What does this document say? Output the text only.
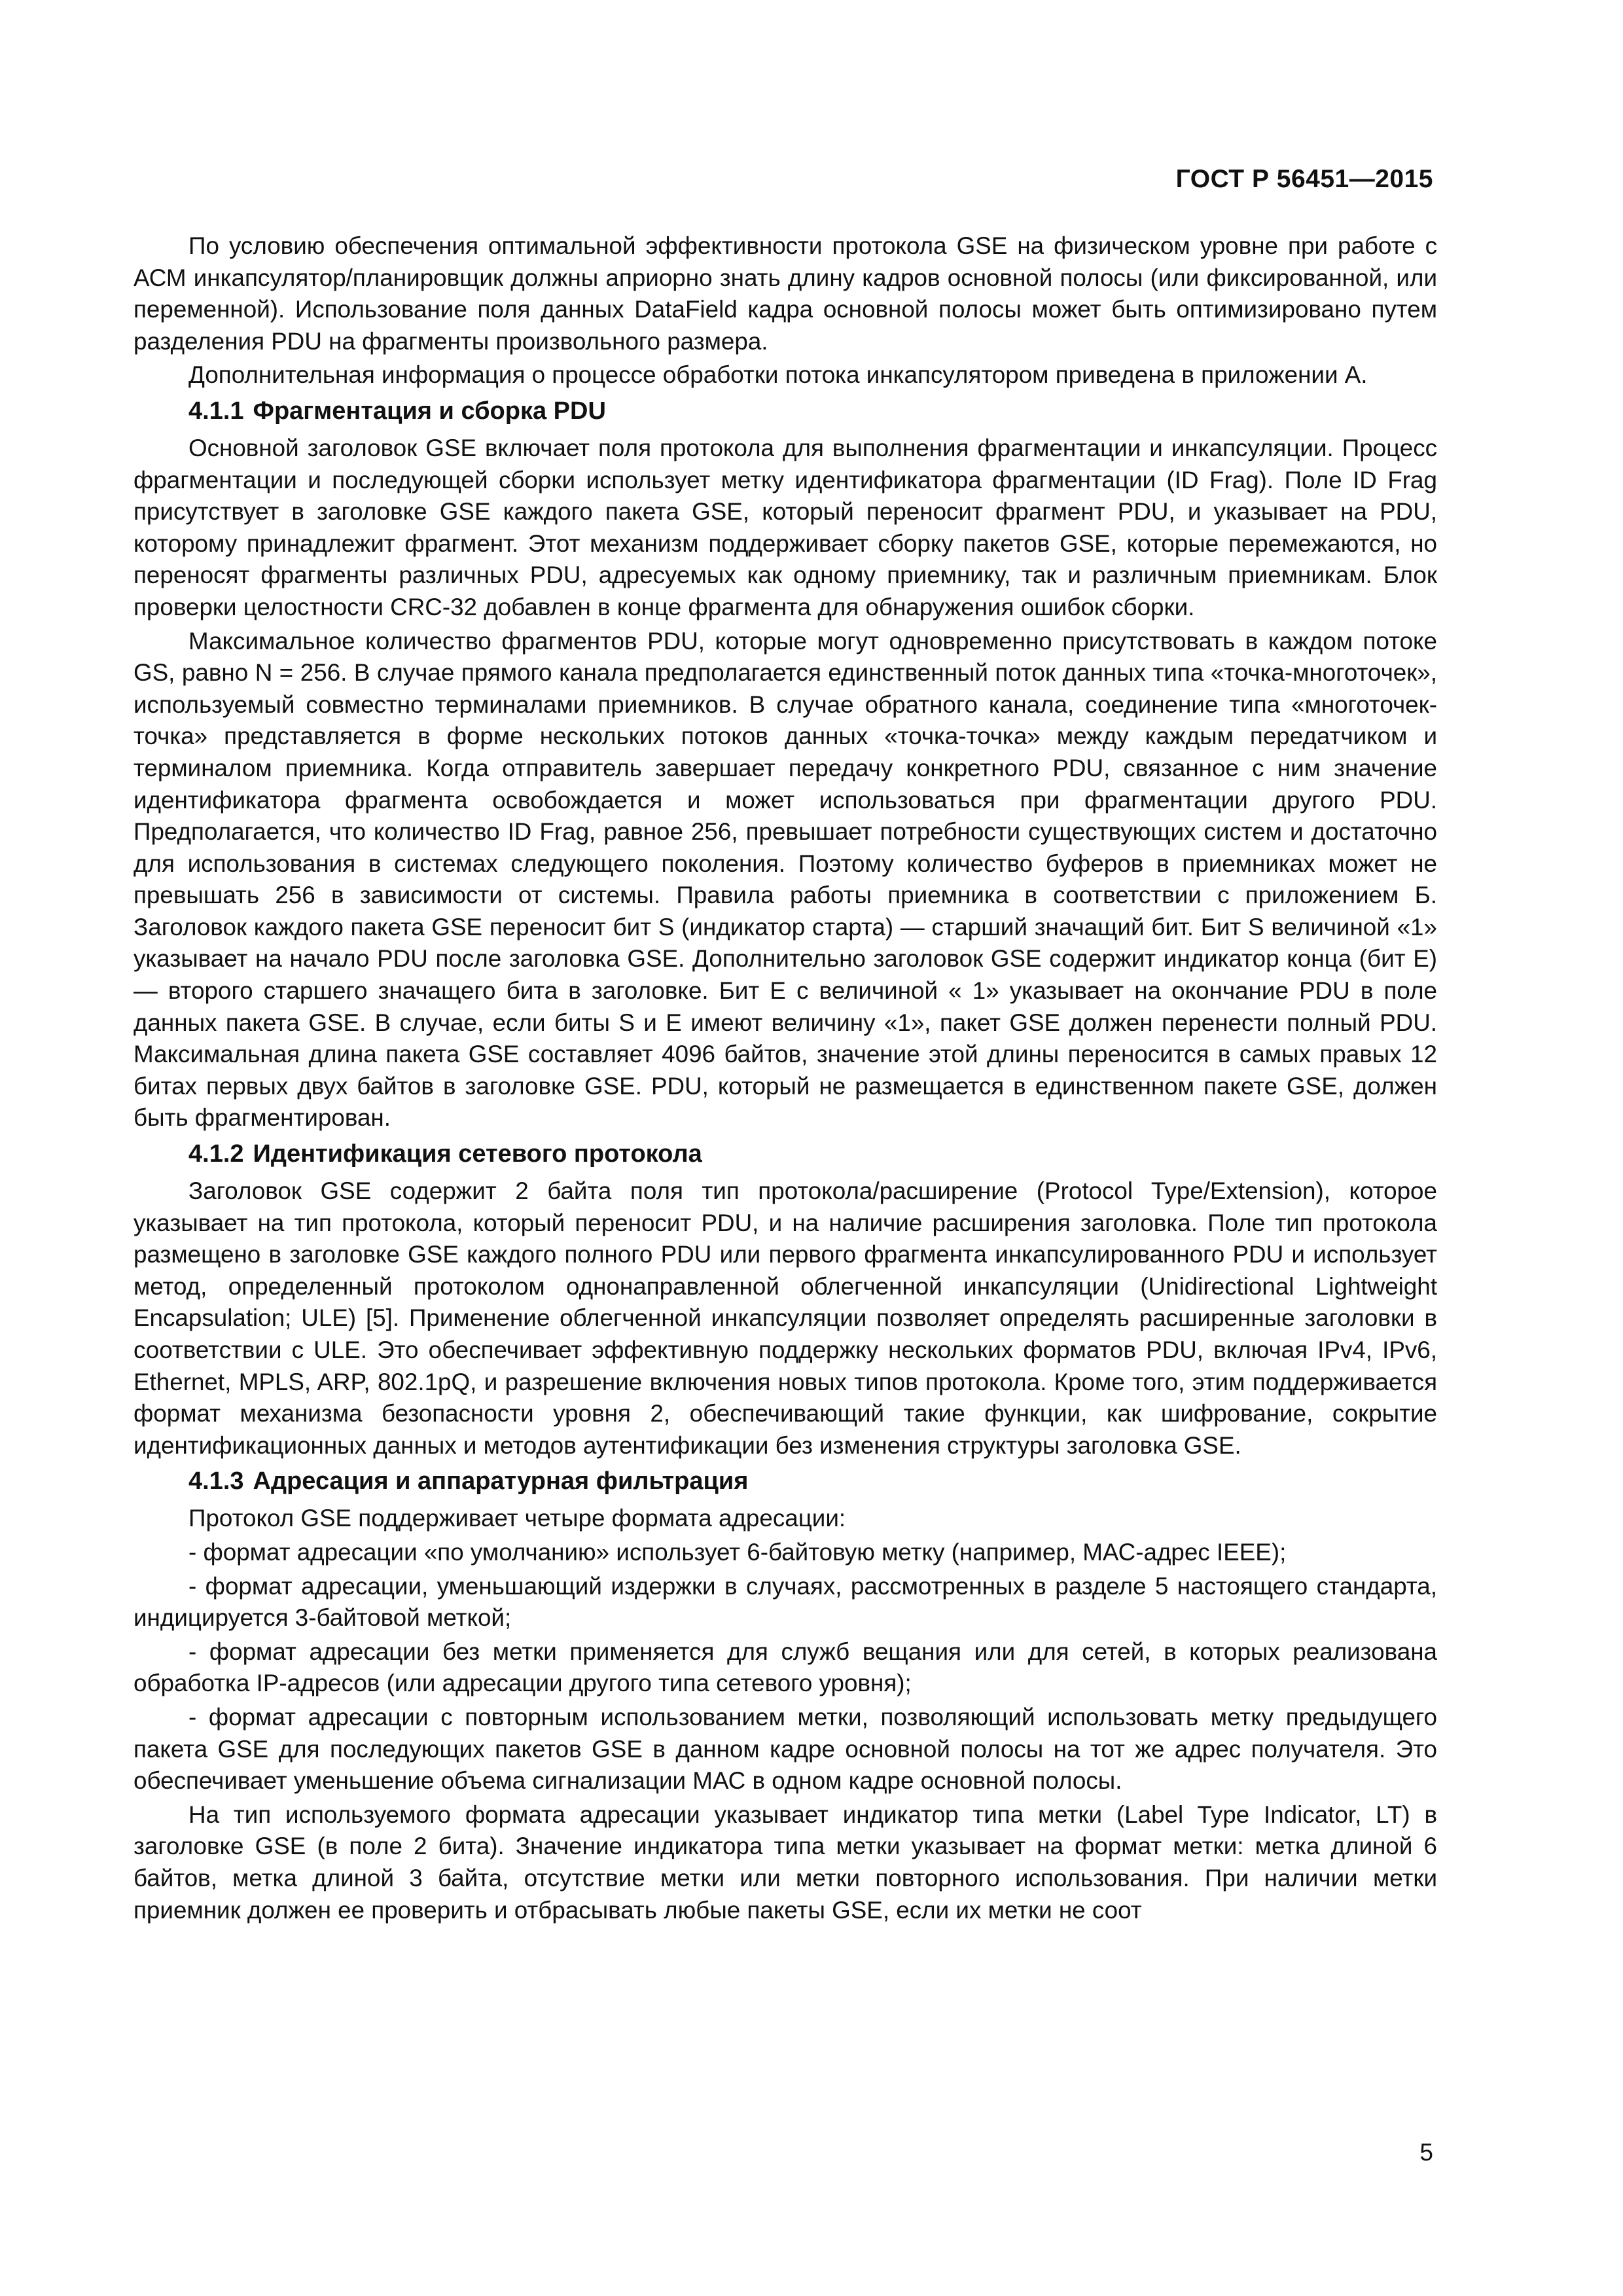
ГОСТ Р 56451—2015

По условию обеспечения оптимальной эффективности протокола GSE на физическом уровне при работе с АСМ инкапсулятор/планировщик должны априорно знать длину кадров основной полосы (или фиксированной, или переменной). Использование поля данных DataField кадра основной полосы может быть оптимизировано путем разделения PDU на фрагменты произвольного размера.

Дополнительная информация о процессе обработки потока инкапсулятором приведена в приложении А.

4.1.1 Фрагментация и сборка PDU

Основной заголовок GSE включает поля протокола для выполнения фрагментации и инкапсуляции. Процесс фрагментации и последующей сборки использует метку идентификатора фрагментации (ID Frag). Поле ID Frag присутствует в заголовке GSE каждого пакета GSE, который переносит фрагмент PDU, и указывает на PDU, которому принадлежит фрагмент. Этот механизм поддерживает сборку пакетов GSE, которые перемежаются, но переносят фрагменты различных PDU, адресуемых как одному приемнику, так и различным приемникам. Блок проверки целостности CRC-32 добавлен в конце фрагмента для обнаружения ошибок сборки.

Максимальное количество фрагментов PDU, которые могут одновременно присутствовать в каждом потоке GS, равно N = 256. В случае прямого канала предполагается единственный поток данных типа «точка-многоточек», используемый совместно терминалами приемников. В случае обратного канала, соединение типа «многоточек-точка» представляется в форме нескольких потоков данных «точка-точка» между каждым передатчиком и терминалом приемника. Когда отправитель завершает передачу конкретного PDU, связанное с ним значение идентификатора фрагмента освобождается и может использоваться при фрагментации другого PDU. Предполагается, что количество ID Frag, равное 256, превышает потребности существующих систем и достаточно для использования в системах следующего поколения. Поэтому количество буферов в приемниках может не превышать 256 в зависимости от системы. Правила работы приемника в соответствии с приложением Б. Заголовок каждого пакета GSE переносит бит S (индикатор старта) — старший значащий бит. Бит S величиной «1» указывает на начало PDU после заголовка GSE. Дополнительно заголовок GSE содержит индикатор конца (бит Е) — второго старшего значащего бита в заголовке. Бит Е с величиной « 1» указывает на окончание PDU в поле данных пакета GSE. В случае, если биты S и Е имеют величину «1», пакет GSE должен перенести полный PDU. Максимальная длина пакета GSE составляет 4096 байтов, значение этой длины переносится в самых правых 12 битах первых двух байтов в заголовке GSE. PDU, который не размещается в единственном пакете GSE, должен быть фрагментирован.

4.1.2 Идентификация сетевого протокола

Заголовок GSE содержит 2 байта поля тип протокола/расширение (Protocol Type/Extension), которое указывает на тип протокола, который переносит PDU, и на наличие расширения заголовка. Поле тип протокола размещено в заголовке GSE каждого полного PDU или первого фрагмента инкапсулированного PDU и использует метод, определенный протоколом однонаправленной облегченной инкапсуляции (Unidirectional Lightweight Encapsulation; ULE) [5]. Применение облегченной инкапсуляции позволяет определять расширенные заголовки в соответствии с ULE. Это обеспечивает эффективную поддержку нескольких форматов PDU, включая IPv4, IPv6, Ethernet, MPLS, ARP, 802.1pQ, и разрешение включения новых типов протокола. Кроме того, этим поддерживается формат механизма безопасности уровня 2, обеспечивающий такие функции, как шифрование, сокрытие идентификационных данных и методов аутентификации без изменения структуры заголовка GSE.

4.1.3 Адресация и аппаратурная фильтрация

Протокол GSE поддерживает четыре формата адресации:

- формат адресации «по умолчанию» использует 6-байтовую метку (например, МАС-адрес IEEE);

- формат адресации, уменьшающий издержки в случаях, рассмотренных в разделе 5 настоящего стандарта, индицируется 3-байтовой меткой;

- формат адресации без метки применяется для служб вещания или для сетей, в которых реализована обработка IP-адресов (или адресации другого типа сетевого уровня);

- формат адресации с повторным использованием метки, позволяющий использовать метку предыдущего пакета GSE для последующих пакетов GSE в данном кадре основной полосы на тот же адрес получателя. Это обеспечивает уменьшение объема сигнализации МАС в одном кадре основной полосы.

На тип используемого формата адресации указывает индикатор типа метки (Label Type Indicator, LT) в заголовке GSE (в поле 2 бита). Значение индикатора типа метки указывает на формат метки: метка длиной 6 байтов, метка длиной 3 байта, отсутствие метки или метки повторного использования. При наличии метки приемник должен ее проверить и отбрасывать любые пакеты GSE, если их метки не соот

5
